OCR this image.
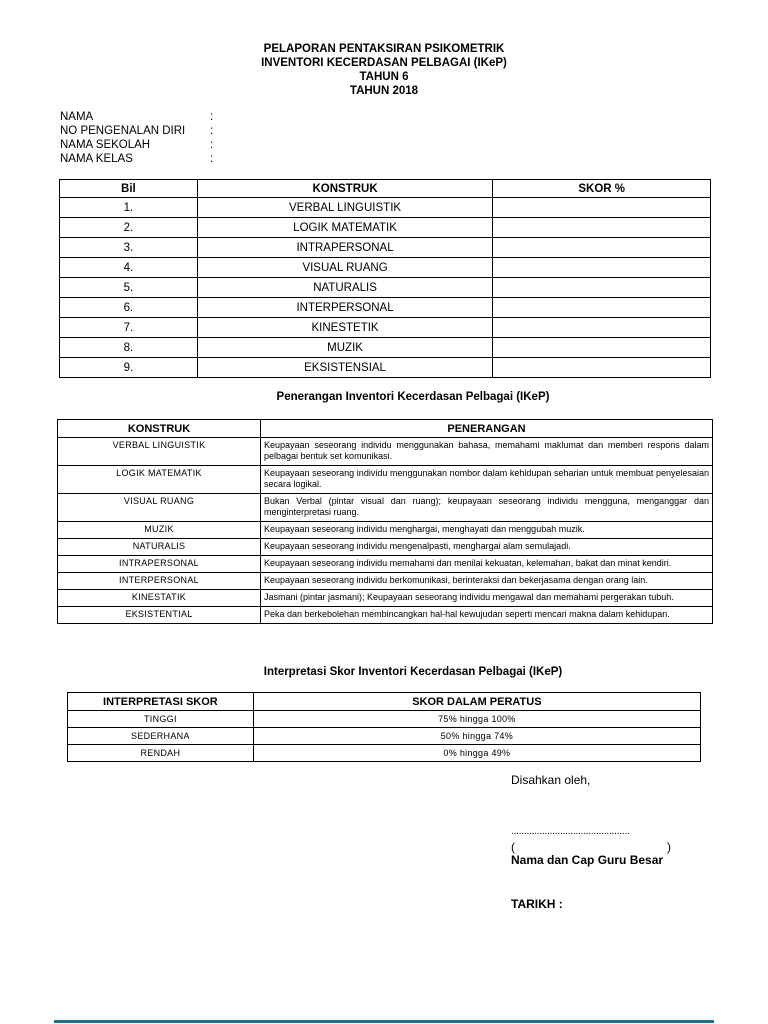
PELAPORAN PENTAKSIRAN PSIKOMETRIK
INVENTORI KECERDASAN PELBAGAI (IKeP)
TAHUN 6
TAHUN 2018
NAMA	:
NO PENGENALAN DIRI	:
NAMA SEKOLAH	:
NAMA KELAS	:
Bil	KONSTRUK	SKOR %
1.	VERBAL LINGUISTIK	
2.	LOGIK MATEMATIK	
3.	INTRAPERSONAL	
4.	VISUAL RUANG	
5.	NATURALIS	
6.	INTERPERSONAL	
7.	KINESTETIK	
8.	MUZIK	
9.	EKSISTENSIAL	
Penerangan Inventori Kecerdasan Pelbagai (IKeP)
KONSTRUK	PENERANGAN
VERBAL LINGUISTIK	Keupayaan seseorang individu menggunakan bahasa, memahami maklumat dan memberi respons dalam pelbagai bentuk set komunikasi.
LOGIK MATEMATIK	Keupayaan seseorang individu menggunakan nombor dalam kehidupan seharian untuk membuat penyelesaian secara logikal.
VISUAL RUANG	Bukan Verbal (pintar visual dan ruang); keupayaan seseorang individu mengguna, menganggar dan menginterpretasi ruang.
MUZIK	Keupayaan seseorang individu menghargai, menghayati dan menggubah muzik.
NATURALIS	Keupayaan seseorang individu mengenalpasti, menghargai alam semulajadi.
INTRAPERSONAL	Keupayaan seseorang individu memahami dan menilai kekuatan, kelemahan, bakat dan minat kendiri.
INTERPERSONAL	Keupayaan seseorang individu berkomunikasi, berinteraksi dan bekerjasama dengan orang lain.
KINESTATIK	Jasmani (pintar jasmani); Keupayaan seseorang individu mengawal dan memahami pergerakan tubuh.
EKSISTENTIAL	Peka dan berkebolehan membincangkan hal-hal kewujudan seperti mencari makna dalam kehidupan.
Interpretasi Skor Inventori Kecerdasan Pelbagai (IKeP)
INTERPRETASI SKOR	SKOR DALAM PERATUS
TINGGI	75% hingga 100%
SEDERHANA	50% hingga 74%
RENDAH	0% hingga 49%
Disahkan oleh,
..............................................
(	)
Nama dan Cap Guru Besar
TARIKH :
